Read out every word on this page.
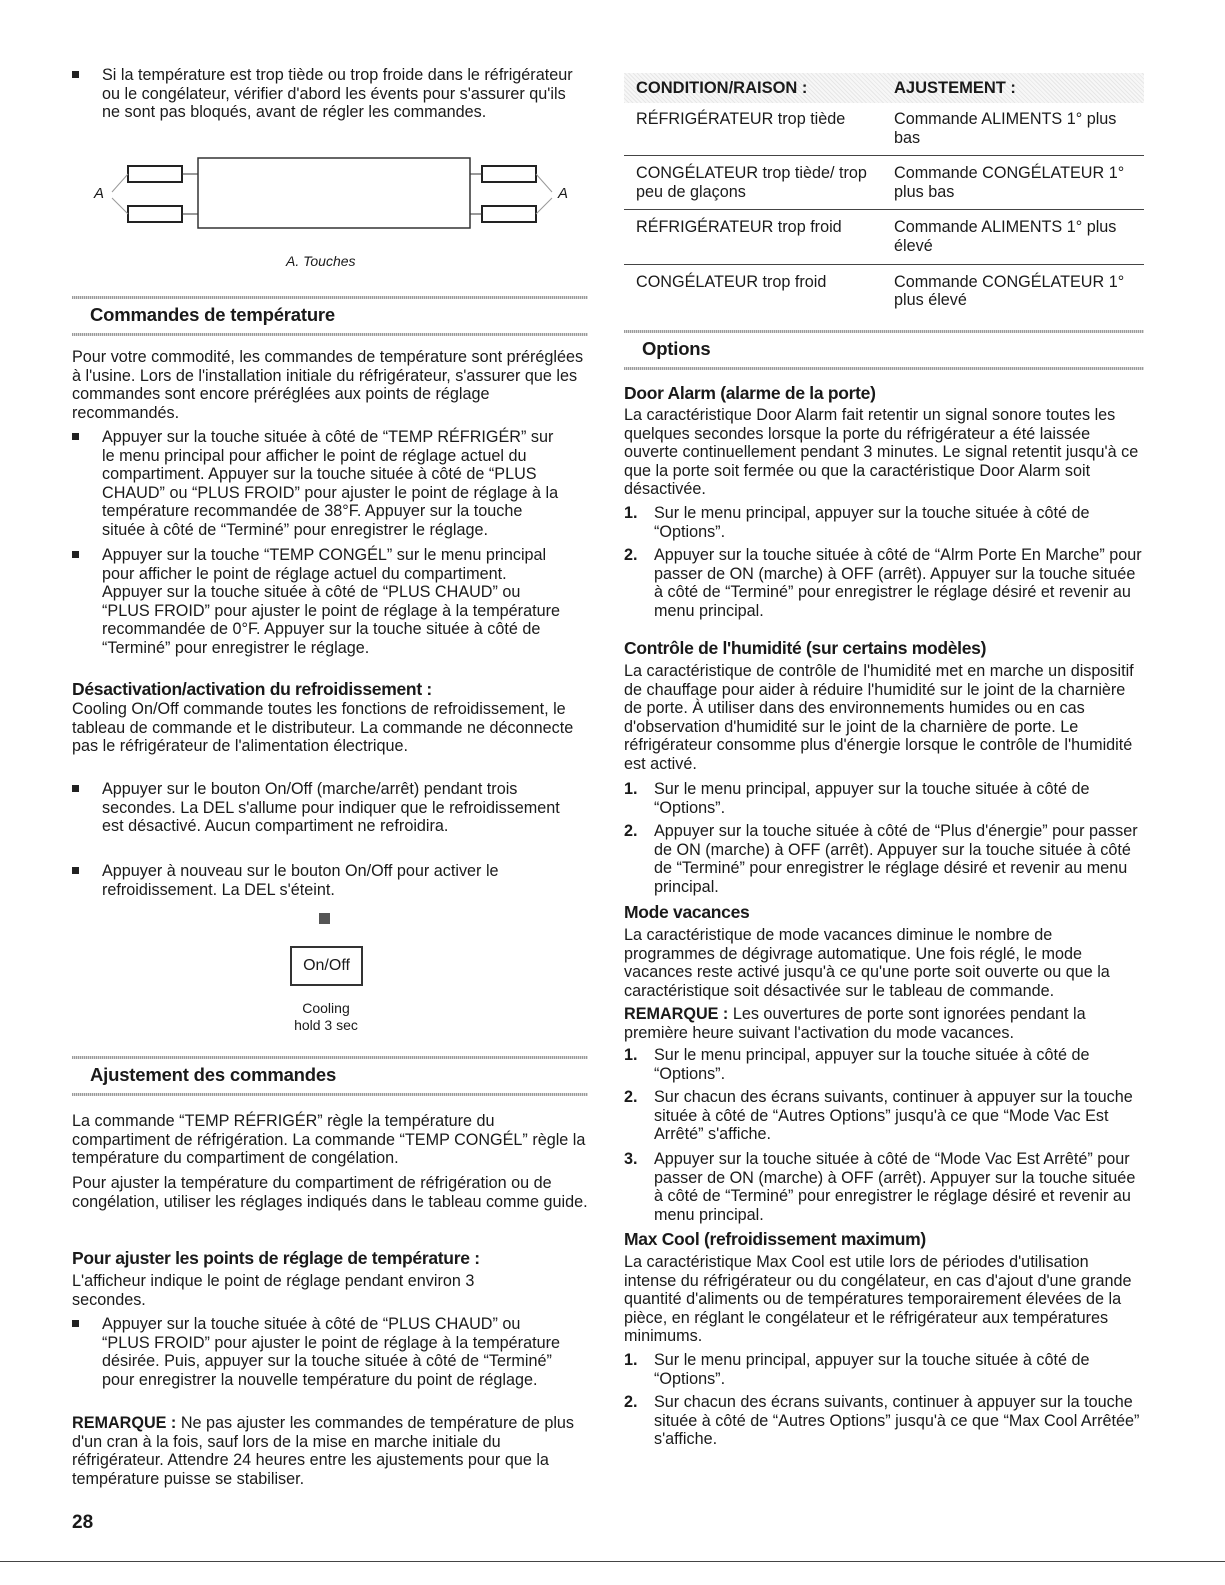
Si la température est trop tiède ou trop froide dans le réfrigérateur ou le congélateur, vérifier d'abord les évents pour s'assurer qu'ils ne sont pas bloqués, avant de régler les commandes.
A	A
A. Touches
Commandes de température

Pour votre commodité, les commandes de température sont préréglées à l'usine. Lors de l'installation initiale du réfrigérateur, s'assurer que les commandes sont encore préréglées aux points de réglage recommandés.

Appuyer sur la touche située à côté de “TEMP RÉFRIGÉR” sur le menu principal pour afficher le point de réglage actuel du compartiment. Appuyer sur la touche située à côté de “PLUS CHAUD” ou “PLUS FROID” pour ajuster le point de réglage à la température recommandée de 38°F. Appuyer sur la touche située à côté de “Terminé” pour enregistrer le réglage.
Appuyer sur la touche “TEMP CONGÉL” sur le menu principal pour afficher le point de réglage actuel du compartiment. Appuyer sur la touche située à côté de “PLUS CHAUD” ou “PLUS FROID” pour ajuster le point de réglage à la température recommandée de 0°F. Appuyer sur la touche située à côté de “Terminé” pour enregistrer le réglage.
Désactivation/activation du refroidissement :

Cooling On/Off commande toutes les fonctions de refroidissement, le tableau de commande et le distributeur. La commande ne déconnecte pas le réfrigérateur de l'alimentation électrique.

Appuyer sur le bouton On/Off (marche/arrêt) pendant trois secondes. La DEL s'allume pour indiquer que le refroidissement est désactivé. Aucun compartiment ne refroidira.
Appuyer à nouveau sur le bouton On/Off pour activer le refroidissement. La DEL s'éteint.
On/Off
Cooling
hold 3 sec
Ajustement des commandes

La commande “TEMP RÉFRIGÉR” règle la température du compartiment de réfrigération. La commande “TEMP CONGÉL” règle la température du compartiment de congélation.

Pour ajuster la température du compartiment de réfrigération ou de congélation, utiliser les réglages indiqués dans le tableau comme guide.

Pour ajuster les points de réglage de température :

L'afficheur indique le point de réglage pendant environ 3 secondes.

Appuyer sur la touche située à côté de “PLUS CHAUD” ou “PLUS FROID” pour ajuster le point de réglage à la température désirée. Puis, appuyer sur la touche située à côté de “Terminé” pour enregistrer la nouvelle température du point de réglage.

REMARQUE : Ne pas ajuster les commandes de température de plus d'un cran à la fois, sauf lors de la mise en marche initiale du réfrigérateur. Attendre 24 heures entre les ajustements pour que la température puisse se stabiliser.

CONDITION/RAISON :	AJUSTEMENT :
RÉFRIGÉRATEUR trop tiède	Commande ALIMENTS 1° plus bas
CONGÉLATEUR trop tiède/ trop peu de glaçons	Commande CONGÉLATEUR 1° plus bas
RÉFRIGÉRATEUR trop froid	Commande ALIMENTS 1° plus élevé
CONGÉLATEUR trop froid	Commande CONGÉLATEUR 1° plus élevé
Options
Door Alarm (alarme de la porte)

La caractéristique Door Alarm fait retentir un signal sonore toutes les quelques secondes lorsque la porte du réfrigérateur a été laissée ouverte continuellement pendant 3 minutes. Le signal retentit jusqu'à ce que la porte soit fermée ou que la caractéristique Door Alarm soit désactivée.

1. Sur le menu principal, appuyer sur la touche située à côté de “Options”.
2. Appuyer sur la touche située à côté de “Alrm Porte En Marche” pour passer de ON (marche) à OFF (arrêt). Appuyer sur la touche située à côté de “Terminé” pour enregistrer le réglage désiré et revenir au menu principal.
Contrôle de l'humidité (sur certains modèles)

La caractéristique de contrôle de l'humidité met en marche un dispositif de chauffage pour aider à réduire l'humidité sur le joint de la charnière de porte. À utiliser dans des environnements humides ou en cas d'observation d'humidité sur le joint de la charnière de porte. Le réfrigérateur consomme plus d'énergie lorsque le contrôle de l'humidité est activé.

1. Sur le menu principal, appuyer sur la touche située à côté de “Options”.
2. Appuyer sur la touche située à côté de “Plus d'énergie” pour passer de ON (marche) à OFF (arrêt). Appuyer sur la touche située à côté de “Terminé” pour enregistrer le réglage désiré et revenir au menu principal.
Mode vacances

La caractéristique de mode vacances diminue le nombre de programmes de dégivrage automatique. Une fois réglé, le mode vacances reste activé jusqu'à ce qu'une porte soit ouverte ou que la caractéristique soit désactivée sur le tableau de commande.

REMARQUE : Les ouvertures de porte sont ignorées pendant la première heure suivant l'activation du mode vacances.

1. Sur le menu principal, appuyer sur la touche située à côté de “Options”.
2. Sur chacun des écrans suivants, continuer à appuyer sur la touche située à côté de “Autres Options” jusqu'à ce que “Mode Vac Est Arrêté” s'affiche.
3. Appuyer sur la touche située à côté de “Mode Vac Est Arrêté” pour passer de ON (marche) à OFF (arrêt). Appuyer sur la touche située à côté de “Terminé” pour enregistrer le réglage désiré et revenir au menu principal.
Max Cool (refroidissement maximum)

La caractéristique Max Cool est utile lors de périodes d'utilisation intense du réfrigérateur ou du congélateur, en cas d'ajout d'une grande quantité d'aliments ou de températures temporairement élevées de la pièce, en réglant le congélateur et le réfrigérateur aux températures minimums.

1. Sur le menu principal, appuyer sur la touche située à côté de “Options”.
2. Sur chacun des écrans suivants, continuer à appuyer sur la touche située à côté de “Autres Options” jusqu'à ce que “Max Cool Arrêtée” s'affiche.
28
